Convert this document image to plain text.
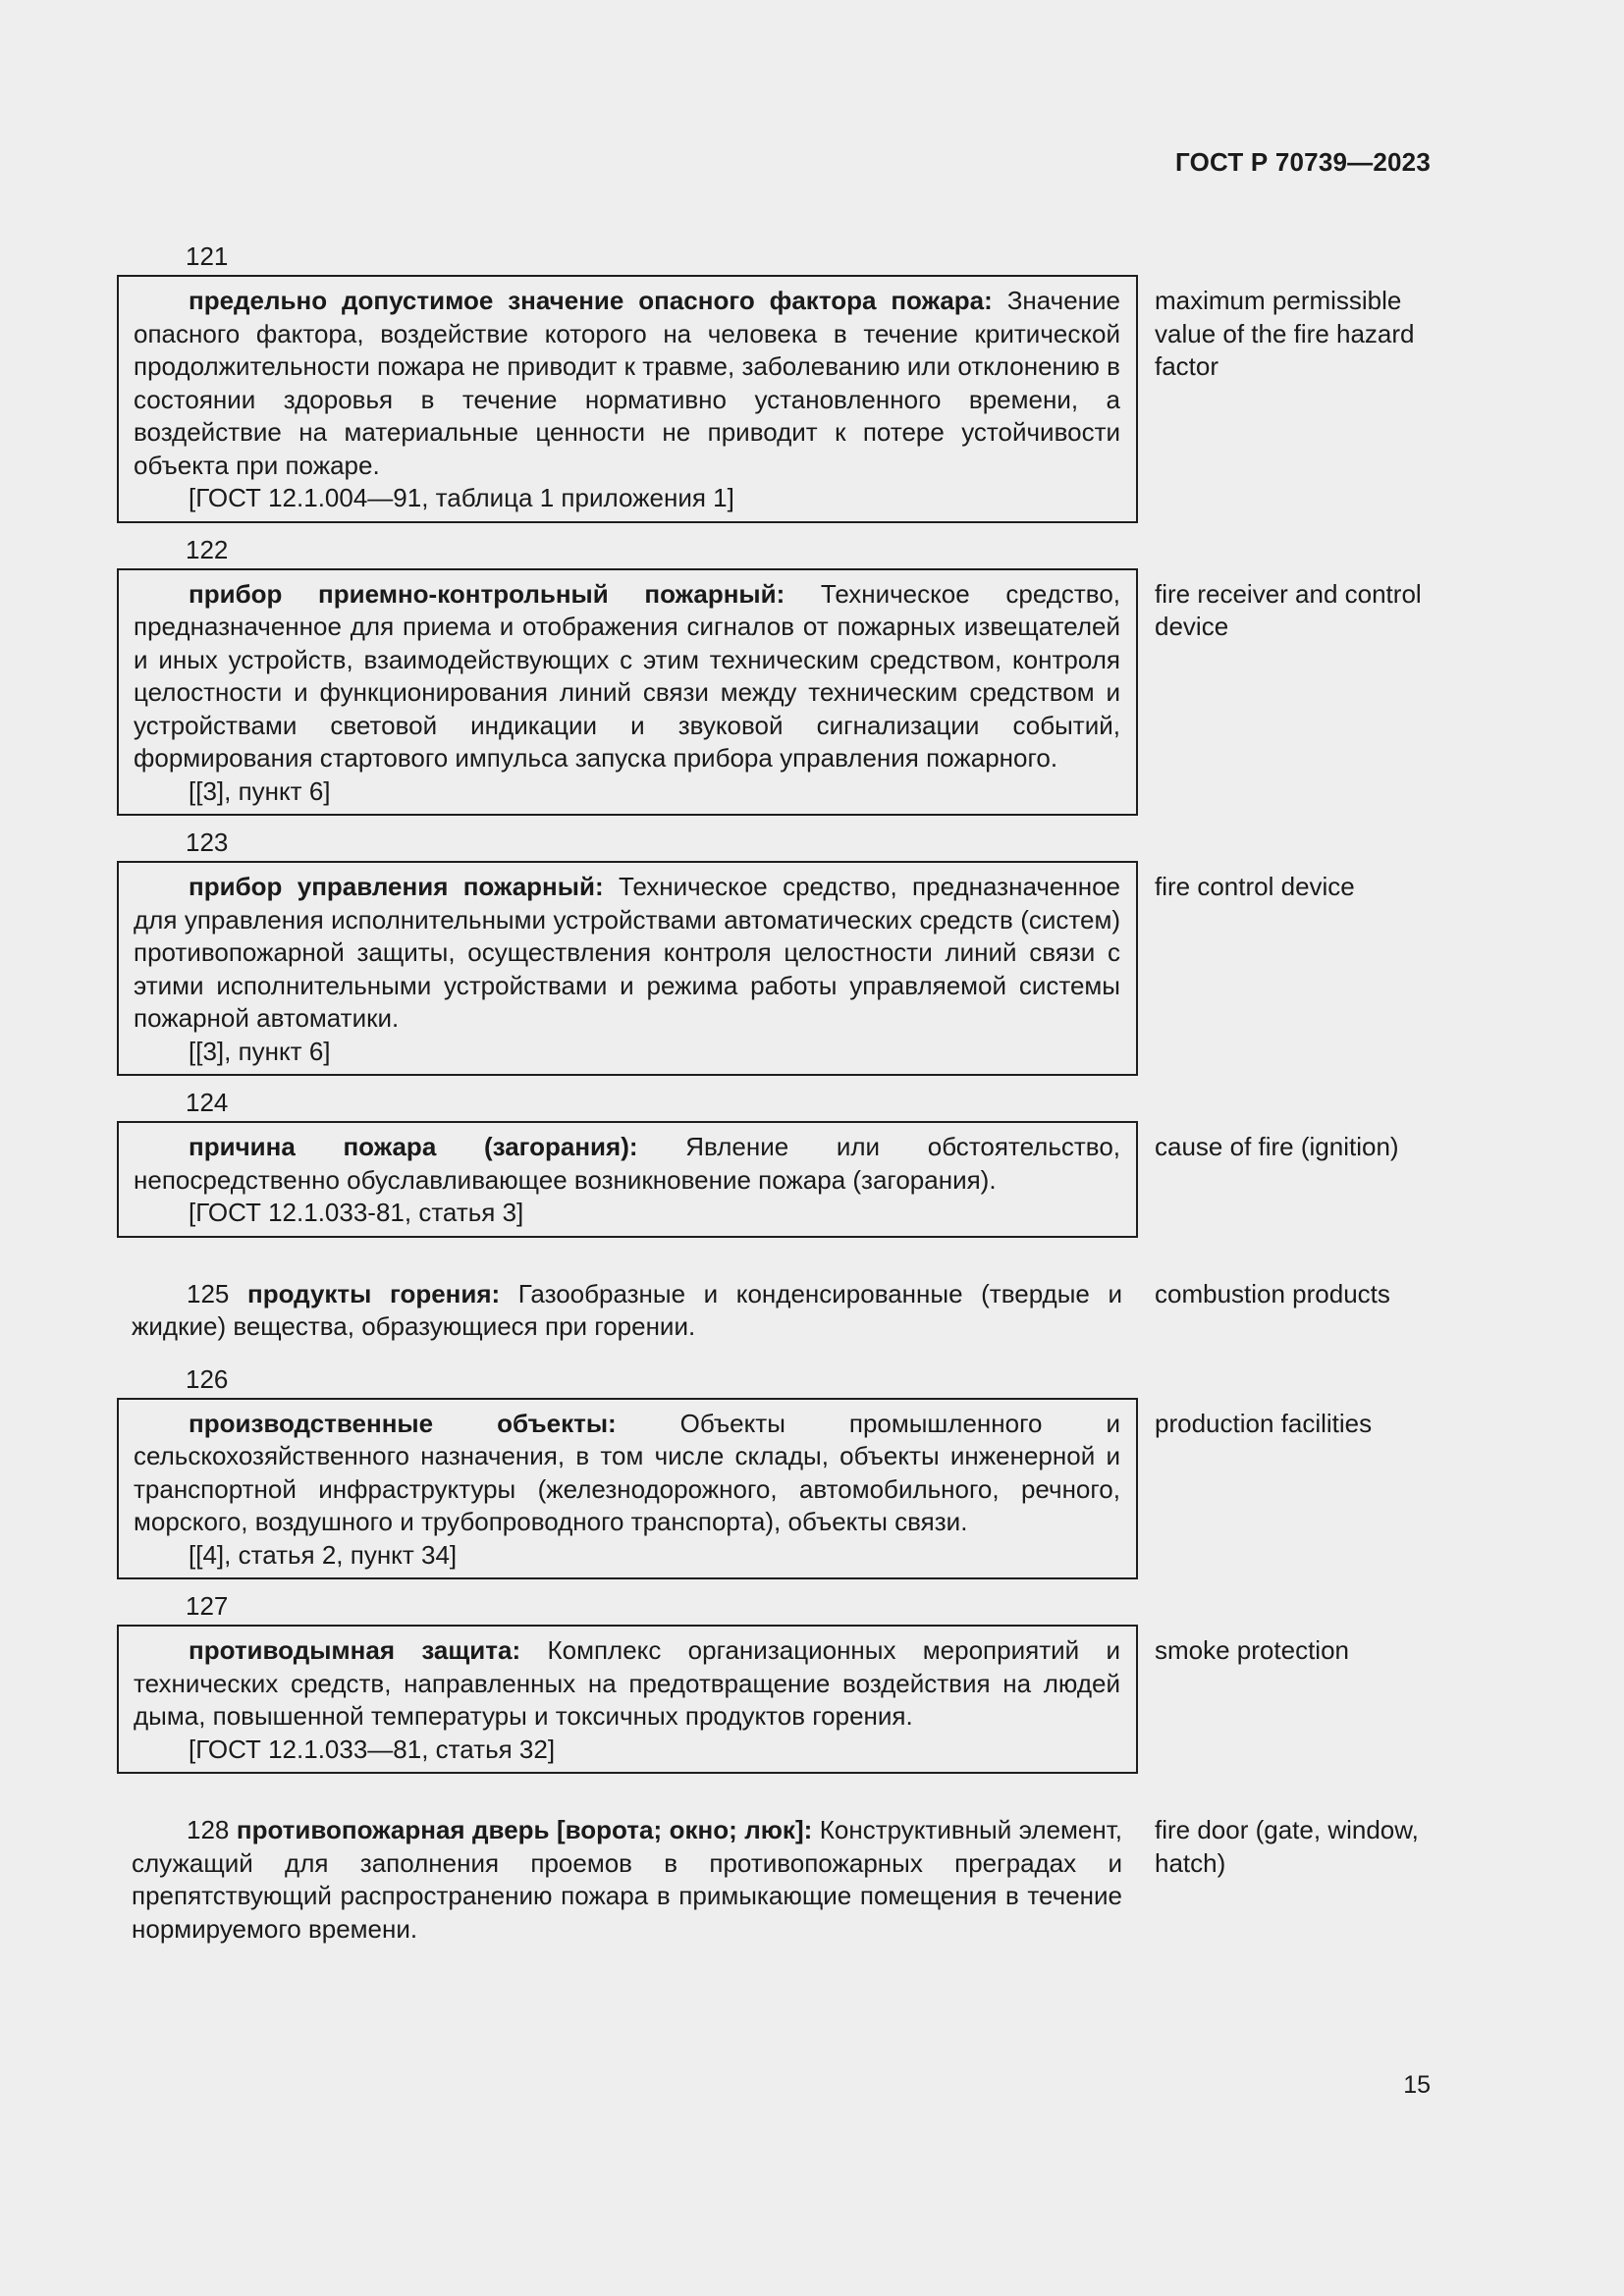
ГОСТ Р 70739—2023
121

предельно допустимое значение опасного фактора пожара: Значение опасного фактора, воздействие которого на человека в течение критической продолжительности пожара не приводит к травме, заболеванию или отклонению в состоянии здоровья в течение нормативно установленного времени, а воздействие на материальные ценности не приводит к потере устойчивости объекта при пожаре.

[ГОСТ 12.1.004—91, таблица 1 приложения 1]

maximum permissible value of the fire hazard factor
122

прибор приемно-контрольный пожарный: Техническое средство, предназначенное для приема и отображения сигналов от пожарных извещателей и иных устройств, взаимодействующих с этим техническим средством, контроля целостности и функционирования линий связи между техническим средством и устройствами световой индикации и звуковой сигнализации событий, формирования стартового импульса запуска прибора управления пожарного.

[[3], пункт 6]

fire receiver and control device
123

прибор управления пожарный: Техническое средство, предназначенное для управления исполнительными устройствами автоматических средств (систем) противопожарной защиты, осуществления контроля целостности линий связи с этими исполнительными устройствами и режима работы управляемой системы пожарной автоматики.

[[3], пункт 6]

fire control device
124

причина пожара (загорания): Явление или обстоятельство, непосредственно обуславливающее возникновение пожара (загорания).

[ГОСТ 12.1.033-81, статья 3]

cause of fire (ignition)

125 продукты горения: Газообразные и конденсированные (твердые и жидкие) вещества, образующиеся при горении.

combustion products
126

производственные объекты: Объекты промышленного и сельскохозяйственного назначения, в том числе склады, объекты инженерной и транспортной инфраструктуры (железнодорожного, автомобильного, речного, морского, воздушного и трубопроводного транспорта), объекты связи.

[[4], статья 2, пункт 34]

production facilities
127

противодымная защита: Комплекс организационных мероприятий и технических средств, направленных на предотвращение воздействия на людей дыма, повышенной температуры и токсичных продуктов горения.

[ГОСТ 12.1.033—81, статья 32]

smoke protection

128 противопожарная дверь [ворота; окно; люк]: Конструктивный элемент, служащий для заполнения проемов в противопожарных преградах и препятствующий распространению пожара в примыкающие помещения в течение нормируемого времени.

fire door (gate, window, hatch)
15
